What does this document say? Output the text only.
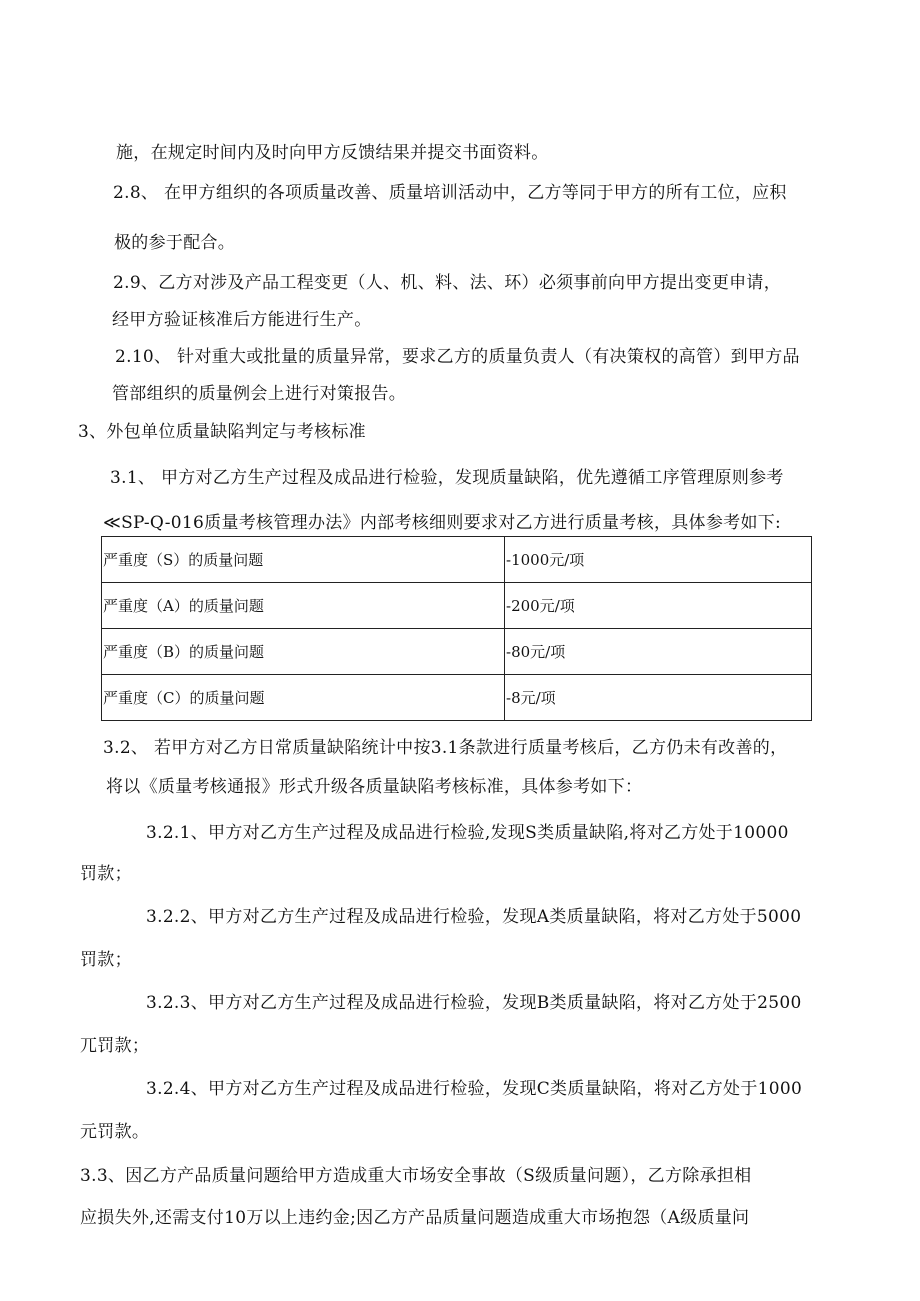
施，在规定时间内及时向甲方反馈结果并提交书面资料。
2.8、 在甲方组织的各项质量改善、质量培训活动中，乙方等同于甲方的所有工位，应积
极的参于配合。
2.9、乙方对涉及产品工程变更（人、机、料、法、环）必须事前向甲方提出变更申请，
经甲方验证核准后方能进行生产。
2.10、 针对重大或批量的质量异常，要求乙方的质量负责人（有决策权的高管）到甲方品
管部组织的质量例会上进行对策报告。
3、外包单位质量缺陷判定与考核标准
3.1、 甲方对乙方生产过程及成品进行检验，发现质量缺陷，优先遵循工序管理原则参考
≪SP-Q-016质量考核管理办法》内部考核细则要求对乙方进行质量考核，具体参考如下:
严重度（S）的质量问题	-1000元/项
严重度（A）的质量问题	-200元/项
严重度（B）的质量问题	-80元/项
严重度（C）的质量问题	-8元/项
3.2、 若甲方对乙方日常质量缺陷统计中按3.1条款进行质量考核后，乙方仍未有改善的，
将以《质量考核通报》形式升级各质量缺陷考核标准，具体参考如下：
3.2.1、甲方对乙方生产过程及成品进行检验,发现S类质量缺陷,将对乙方处于10000
罚款；
3.2.2、甲方对乙方生产过程及成品进行检验，发现A类质量缺陷，将对乙方处于5000
罚款；
3.2.3、甲方对乙方生产过程及成品进行检验，发现B类质量缺陷，将对乙方处于2500
兀罚款；
3.2.4、甲方对乙方生产过程及成品进行检验，发现C类质量缺陷，将对乙方处于1000
元罚款。
3.3、因乙方产品质量问题给甲方造成重大市场安全事故（S级质量问题），乙方除承担相
应损失外,还需支付10万以上违约金;因乙方产品质量问题造成重大市场抱怨（A级质量问
